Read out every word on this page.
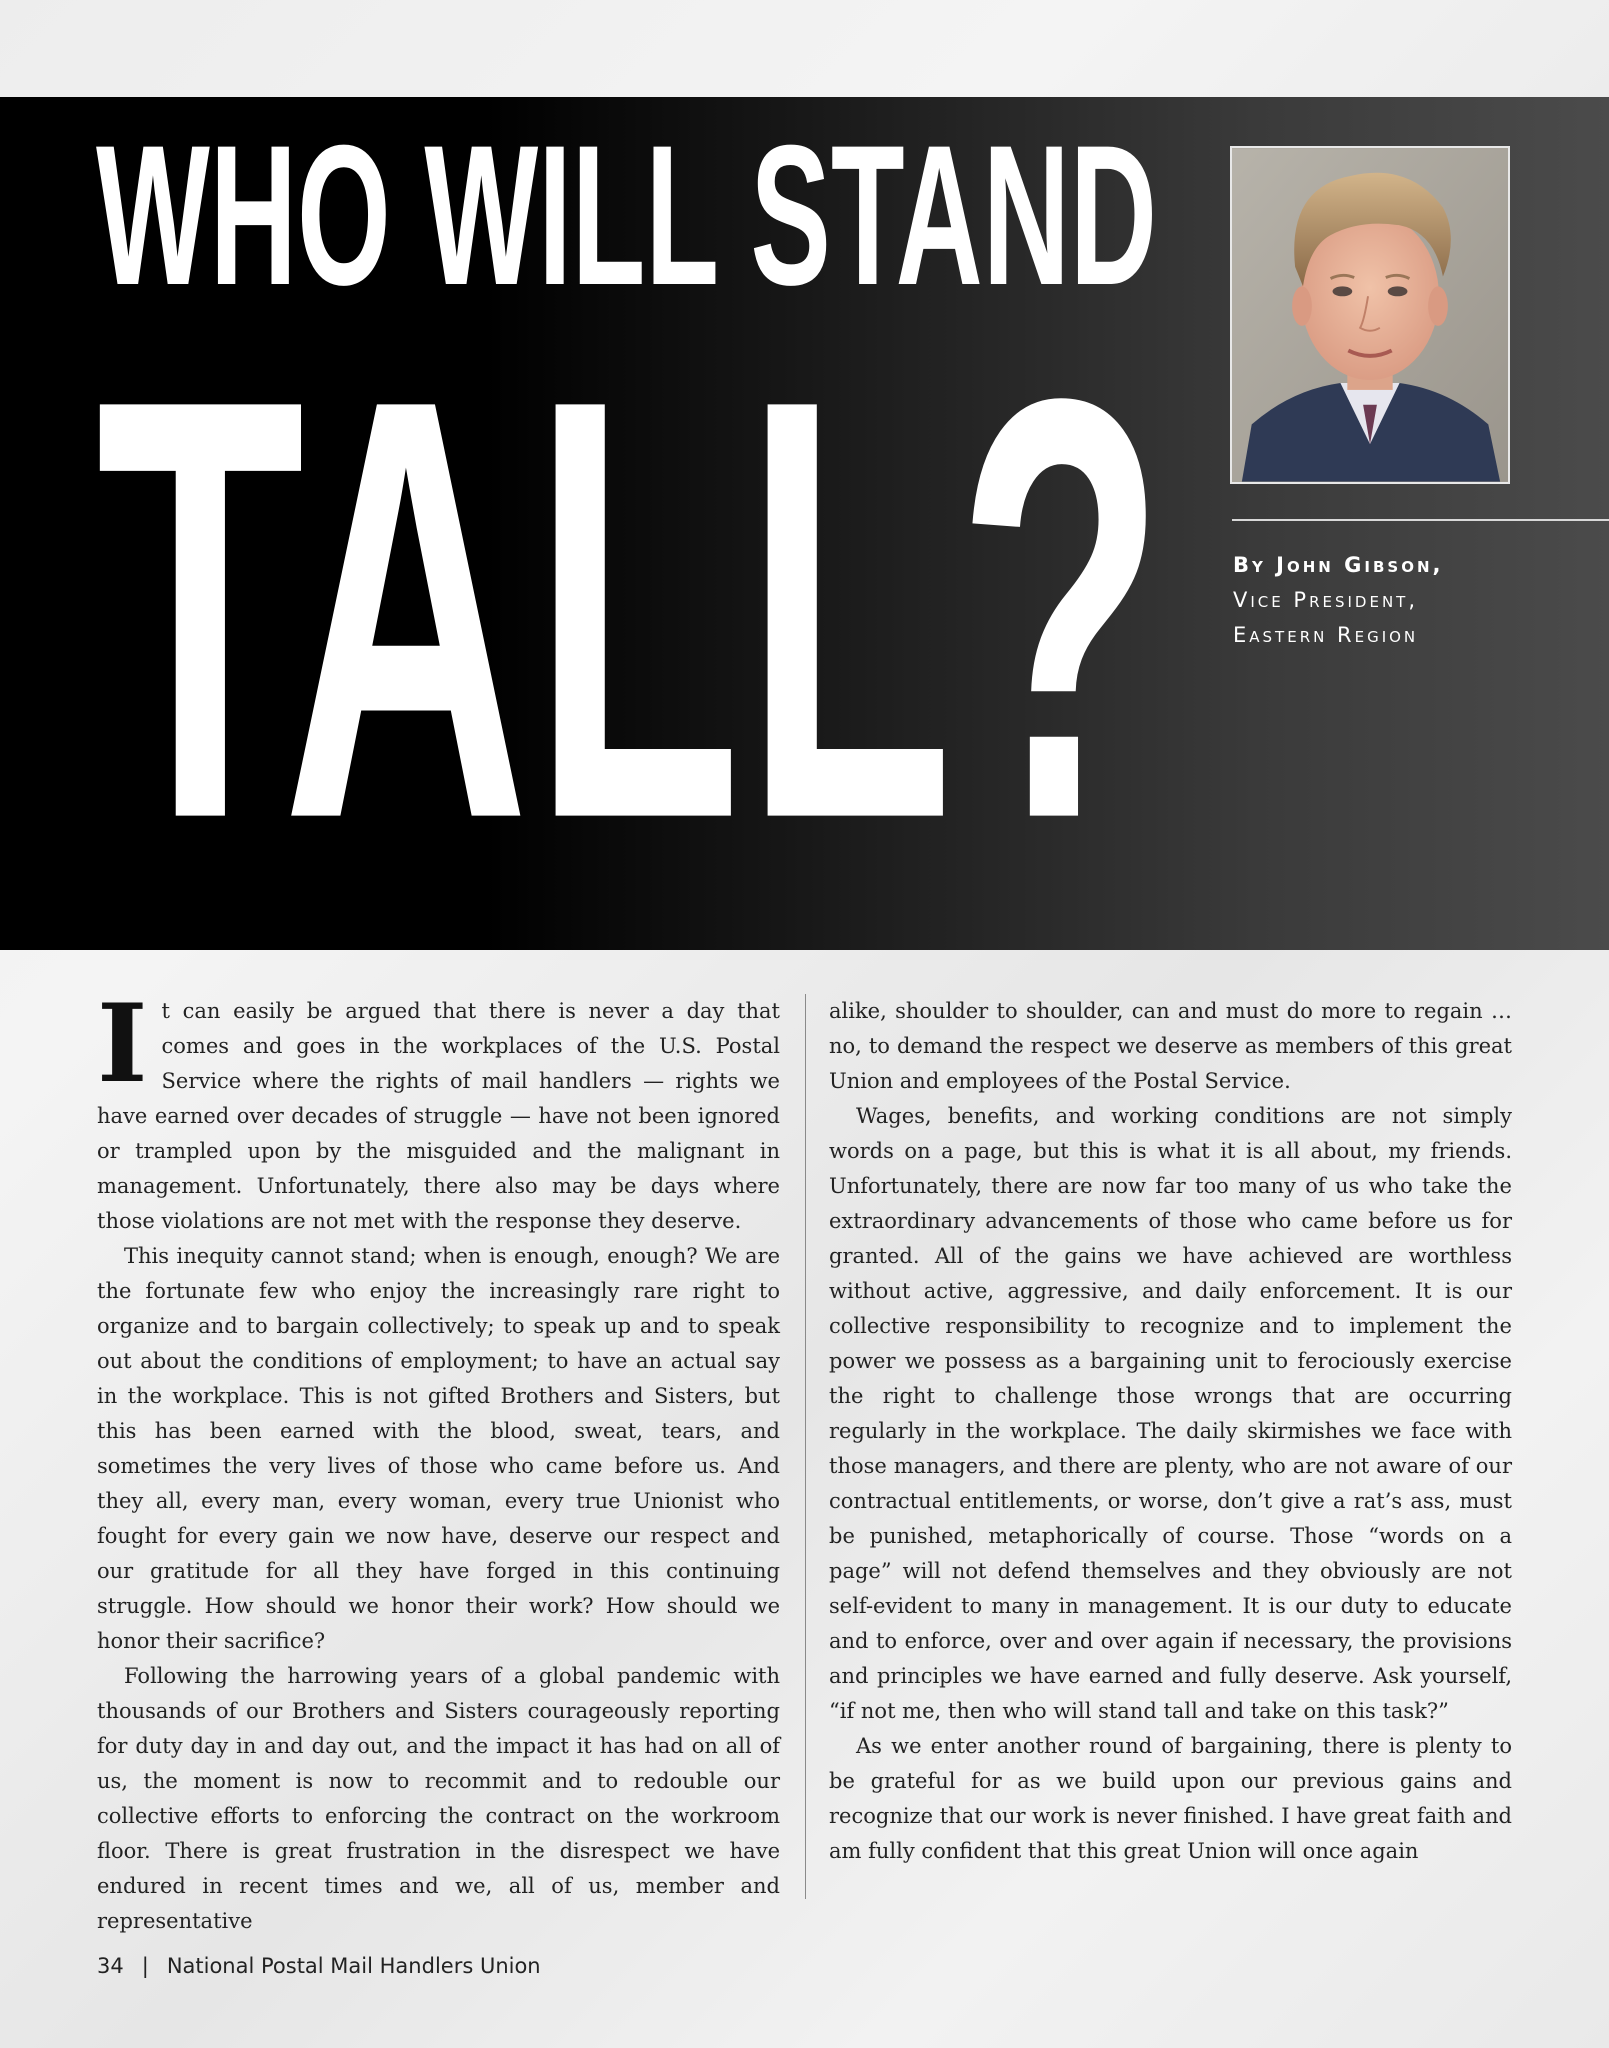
WHO WILL STAND
TALL?	By John Gibson,
Vice President,
Eastern Region

It can easily be argued that there is never a day that comes and goes in the workplaces of the U.S. Postal Service where the rights of mail handlers — rights we have earned over decades of struggle — have not been ignored or trampled upon by the misguided and the malignant in management. Unfortunately, there also may be days where those violations are not met with the response they deserve.

This inequity cannot stand; when is enough, enough? We are the fortunate few who enjoy the increasingly rare right to organize and to bargain collectively; to speak up and to speak out about the conditions of employment; to have an actual say in the workplace. This is not gifted Brothers and Sisters, but this has been earned with the blood, sweat, tears, and sometimes the very lives of those who came before us. And they all, every man, every woman, every true Unionist who fought for every gain we now have, deserve our respect and our gratitude for all they have forged in this continuing struggle. How should we honor their work? How should we honor their sacrifice?

Following the harrowing years of a global pandemic with thousands of our Brothers and Sisters courageously reporting for duty day in and day out, and the impact it has had on all of us, the moment is now to recommit and to redouble our collective efforts to enforcing the contract on the workroom floor. There is great frustration in the disrespect we have endured in recent times and we, all of us, member and representative

alike, shoulder to shoulder, can and must do more to regain … no, to demand the respect we deserve as members of this great Union and employees of the Postal Service.

Wages, benefits, and working conditions are not simply words on a page, but this is what it is all about, my friends. Unfortunately, there are now far too many of us who take the extraordinary advancements of those who came before us for granted. All of the gains we have achieved are worthless without active, aggressive, and daily enforcement. It is our collective responsibility to recognize and to implement the power we possess as a bargaining unit to ferociously exercise the right to challenge those wrongs that are occurring regularly in the workplace. The daily skirmishes we face with those managers, and there are plenty, who are not aware of our contractual entitlements, or worse, don’t give a rat’s ass, must be punished, metaphorically of course. Those “words on a page” will not defend themselves and they obviously are not self-evident to many in management. It is our duty to educate and to enforce, over and over again if necessary, the provisions and principles we have earned and fully deserve. Ask yourself, “if not me, then who will stand tall and take on this task?”

As we enter another round of bargaining, there is plenty to be grateful for as we build upon our previous gains and recognize that our work is never finished. I have great faith and am fully confident that this great Union will once again

34 | National Postal Mail Handlers Union
